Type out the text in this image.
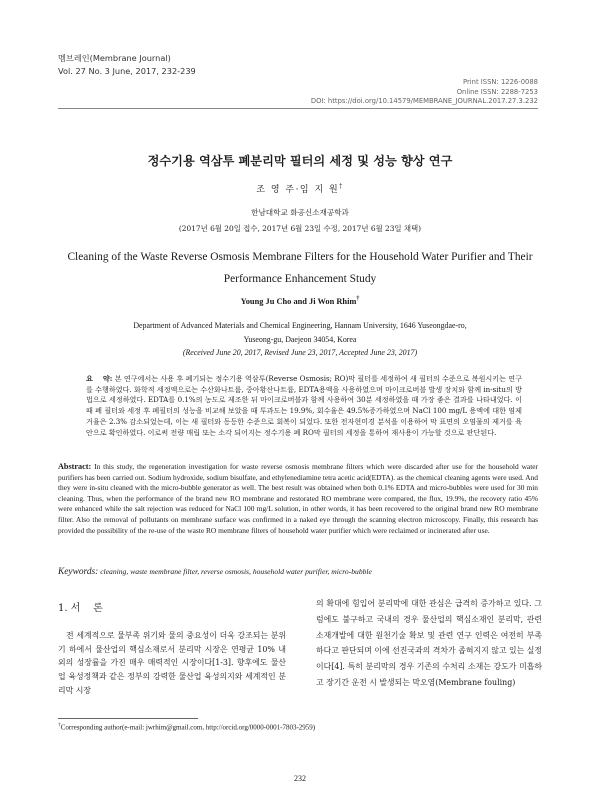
멤브레인(Membrane Journal)
Vol. 27 No. 3 June, 2017, 232-239
Print ISSN: 1226-0088
Online ISSN: 2288-7253
DOI: https://doi.org/10.14579/MEMBRANE_JOURNAL.2017.27.3.232
정수기용 역삼투 폐분리막 필터의 세정 및 성능 향상 연구
조 영 주·임 지 원†
한남대학교 화공신소재공학과
(2017년 6월 20일 접수, 2017년 6월 23일 수정, 2017년 6월 23일 채택)
Cleaning of the Waste Reverse Osmosis Membrane Filters for the Household Water Purifier and Their Performance Enhancement Study
Young Ju Cho and Ji Won Rhim†
Department of Advanced Materials and Chemical Engineering, Hannam University, 1646 Yuseongdae-ro,
Yuseong-gu, Daejeon 34054, Korea
(Received June 20, 2017, Revised June 23, 2017, Accepted June 23, 2017)
요    약: 본 연구에서는 사용 후 폐기되는 정수기용 역삼투(Reverse Osmosis; RO)막 필터를 세정하여 새 필터의 수준으로 복원시키는 연구를 수행하였다. 화학적 세정액으로는 수산화나트륨, 중아황산나트륨, EDTA용액을 사용하였으며 마이크로버블 발생 장치와 함께 in-situ의 방법으로 세정하였다. EDTA를 0.1%의 농도로 제조한 뒤 마이크로버블과 함께 사용하여 30분 세정하였을 때 가장 좋은 결과를 나타내었다. 이때 폐 필터와 세정 후 폐필터의 성능을 비교해 보았을 때 투과도는 19.9%, 회수율은 49.5%증가하였으며 NaCl 100 mg/L 용액에 대한 염제거율은 2.3% 감소되었는데, 이는 새 필터와 동등한 수준으로 회복이 되었다. 또한 전자현미경 분석을 이용하여 막 표면의 오염물의 제거를 육안으로 확인하였다. 이로써 전량 매립 또는 소각 되어지는 정수기용 폐 RO막 필터의 세정을 통하여 재사용이 가능할 것으로 판단된다.
Abstract: In this study, the regeneration investigation for waste reverse osmosis membrane filters which were discarded after use for the household water purifiers has been carried out. Sodium hydroxide, sodium bisulfate, and ethylenediamine tetra acetic acid(EDTA). as the chemical cleaning agents were used. And they were in-situ cleaned with the micro-bubble generator as well. The best result was obtained when both 0.1% EDTA and micro-bubbles were used for 30 min cleaning. Thus, when the performance of the brand new RO membrane and restorated RO membrane were compared, the flux, 19.9%, the recovery ratio 45% were enhanced while the salt rejection was reduced for NaCl 100 mg/L solution, in other words, it has been recovered to the original brand new RO membrane filter. Also the removal of pollutants on membrane surface was confirmed in a naked eye through the scanning electron microscopy. Finally, this research has provided the possibility of the re-use of the waste RO membrane filters of household water purifier which were reclaimed or incinerated after use.
Keywords: cleaning, waste membrane filter, reverse osmosis, household water purifier, micro-bubble
1. 서    론
전 세계적으로 물부족 위기와 물의 중요성이 더욱 강조되는 분위기 하에서 물산업의 핵심소재로서 분리막 시장은 연평균 10% 내외의 성장률을 가진 매우 매력적인 시장이다[1-3]. 향후에도 물산업 육성정책과 같은 정부의 강력한 물산업 육성의지와 세계적인 분리막 시장
의 확대에 힘입어 분리막에 대한 관심은 급격히 증가하고 있다. 그럼에도 불구하고 국내의 경우 물산업의 핵심소재인 분리막, 관련 소재개발에 대한 원천기술 확보 및 관련 연구 인력은 여전히 부족하다고 판단되며 이에 선진국과의 격차가 좁혀지지 않고 있는 실정이다[4]. 특히 분리막의 경우 기존의 수처리 소재는 강도가 미흡하고 장기간 운전 시 발생되는 막오염(Membrane fouling)
†Corresponding author(e-mail: jwrhim@gmail.com, http://orcid.org/0000-0001-7803-2959)
232
